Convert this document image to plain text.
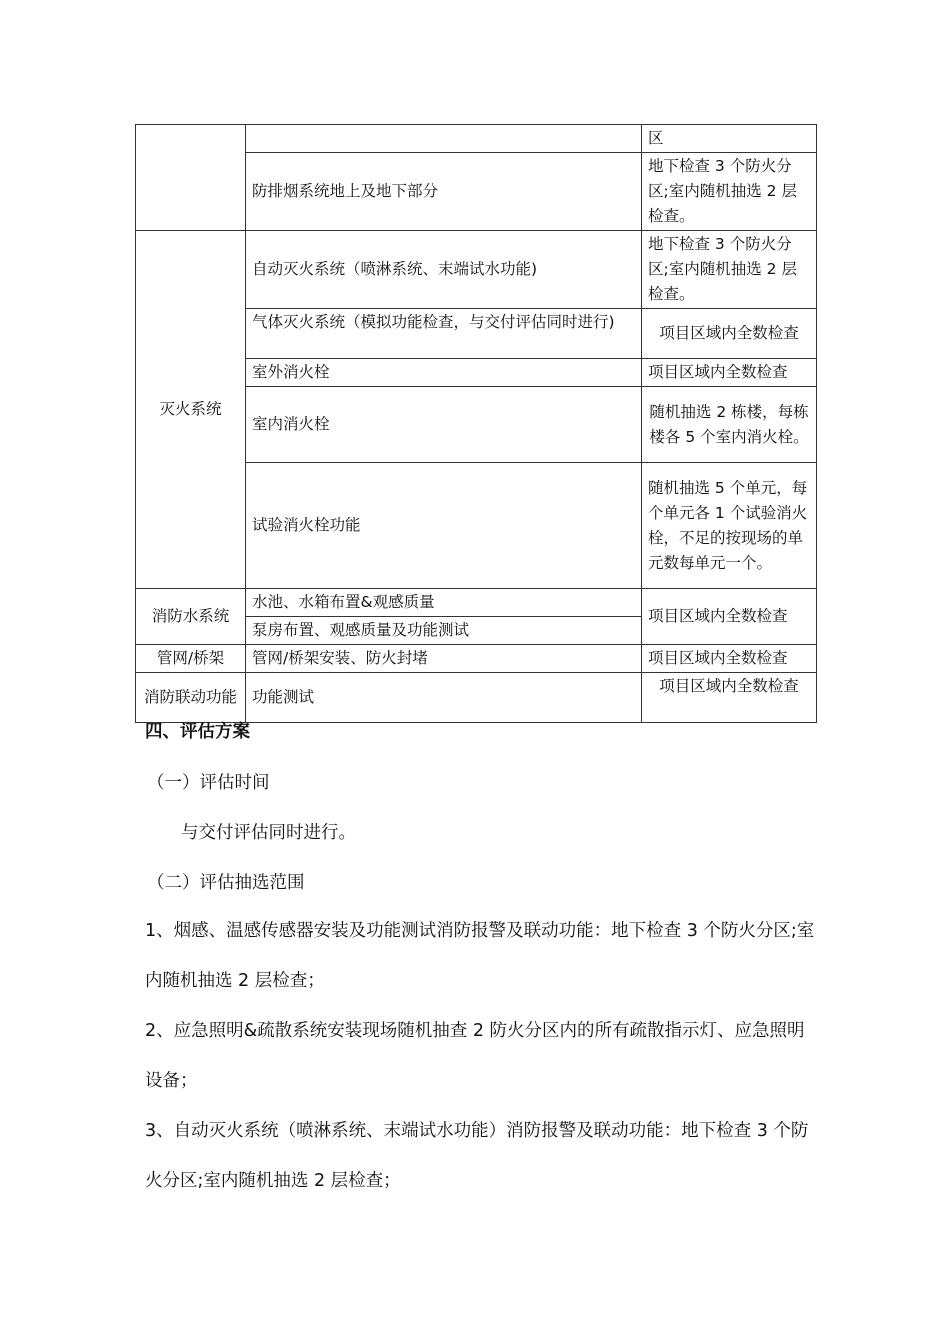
		区
	防排烟系统地上及地下部分	地下检查 3 个防火分区;室内随机抽选 2 层检查。
灭火系统	自动灭火系统（喷淋系统、末端试水功能)	地下检查 3 个防火分区;室内随机抽选 2 层检查。
	气体灭火系统（模拟功能检查，与交付评估同时进行)	项目区域内全数检查
	室外消火栓	项目区域内全数检查
	室内消火栓	随机抽选 2 栋楼，每栋楼各 5 个室内消火栓。
	试验消火栓功能	随机抽选 5 个单元，每个单元各 1 个试验消火栓，不足的按现场的单元数每单元一个。
消防水系统	水池、水箱布置&观感质量	项目区域内全数检查
	泵房布置、观感质量及功能测试	
管网/桥架	管网/桥架安装、防火封堵	项目区域内全数检查
消防联动功能	功能测试	项目区域内全数检查
四、评估方案
（一）评估时间
与交付评估同时进行。
（二）评估抽选范围
1、烟感、温感传感器安装及功能测试消防报警及联动功能：地下检查 3 个防火分区;室内随机抽选 2 层检查；
2、应急照明&疏散系统安装现场随机抽查 2 防火分区内的所有疏散指示灯、应急照明设备；
3、自动灭火系统（喷淋系统、末端试水功能）消防报警及联动功能：地下检查 3 个防火分区;室内随机抽选 2 层检查；
